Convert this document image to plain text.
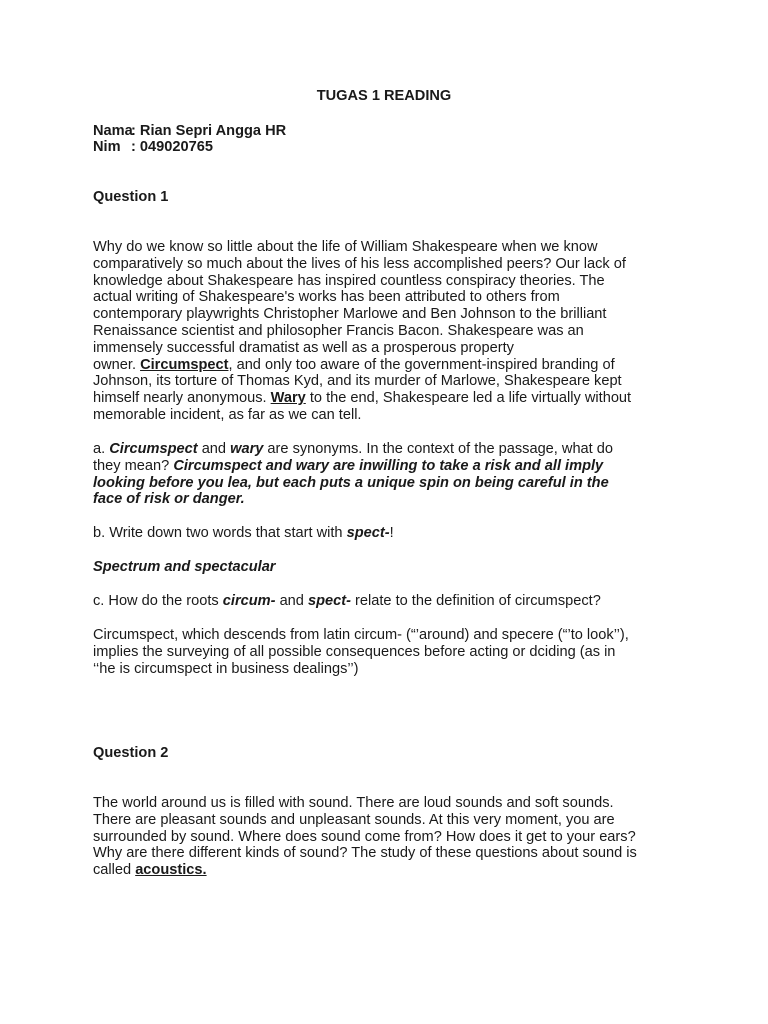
TUGAS 1 READING
Nama: Rian Sepri Angga HR
Nim : 049020765
Question 1
Why do we know so little about the life of William Shakespeare when we know
comparatively so much about the lives of his less accomplished peers? Our lack of
knowledge about Shakespeare has inspired countless conspiracy theories. The
actual writing of Shakespeare's works has been attributed to others from
contemporary playwrights Christopher Marlowe and Ben Johnson to the brilliant
Renaissance scientist and philosopher Francis Bacon. Shakespeare was an
immensely successful dramatist as well as a prosperous property
owner. Circumspect, and only too aware of the government-inspired branding of
Johnson, its torture of Thomas Kyd, and its murder of Marlowe, Shakespeare kept
himself nearly anonymous. Wary to the end, Shakespeare led a life virtually without
memorable incident, as far as we can tell.
a. Circumspect and wary are synonyms. In the context of the passage, what do
they mean? Circumspect and wary are inwilling to take a risk and all imply
looking before you lea, but each puts a unique spin on being careful in the
face of risk or danger.
b. Write down two words that start with spect-!
Spectrum and spectacular
c. How do the roots circum- and spect- relate to the definition of circumspect?
Circumspect, which descends from latin circum- (“’around) and specere (“’to look’’),
implies the surveying of all possible consequences before acting or dciding (as in
‘‘he is circumspect in business dealings’’)
Question 2
The world around us is filled with sound. There are loud sounds and soft sounds.
There are pleasant sounds and unpleasant sounds. At this very moment, you are
surrounded by sound. Where does sound come from? How does it get to your ears?
Why are there different kinds of sound? The study of these questions about sound is
called acoustics.
